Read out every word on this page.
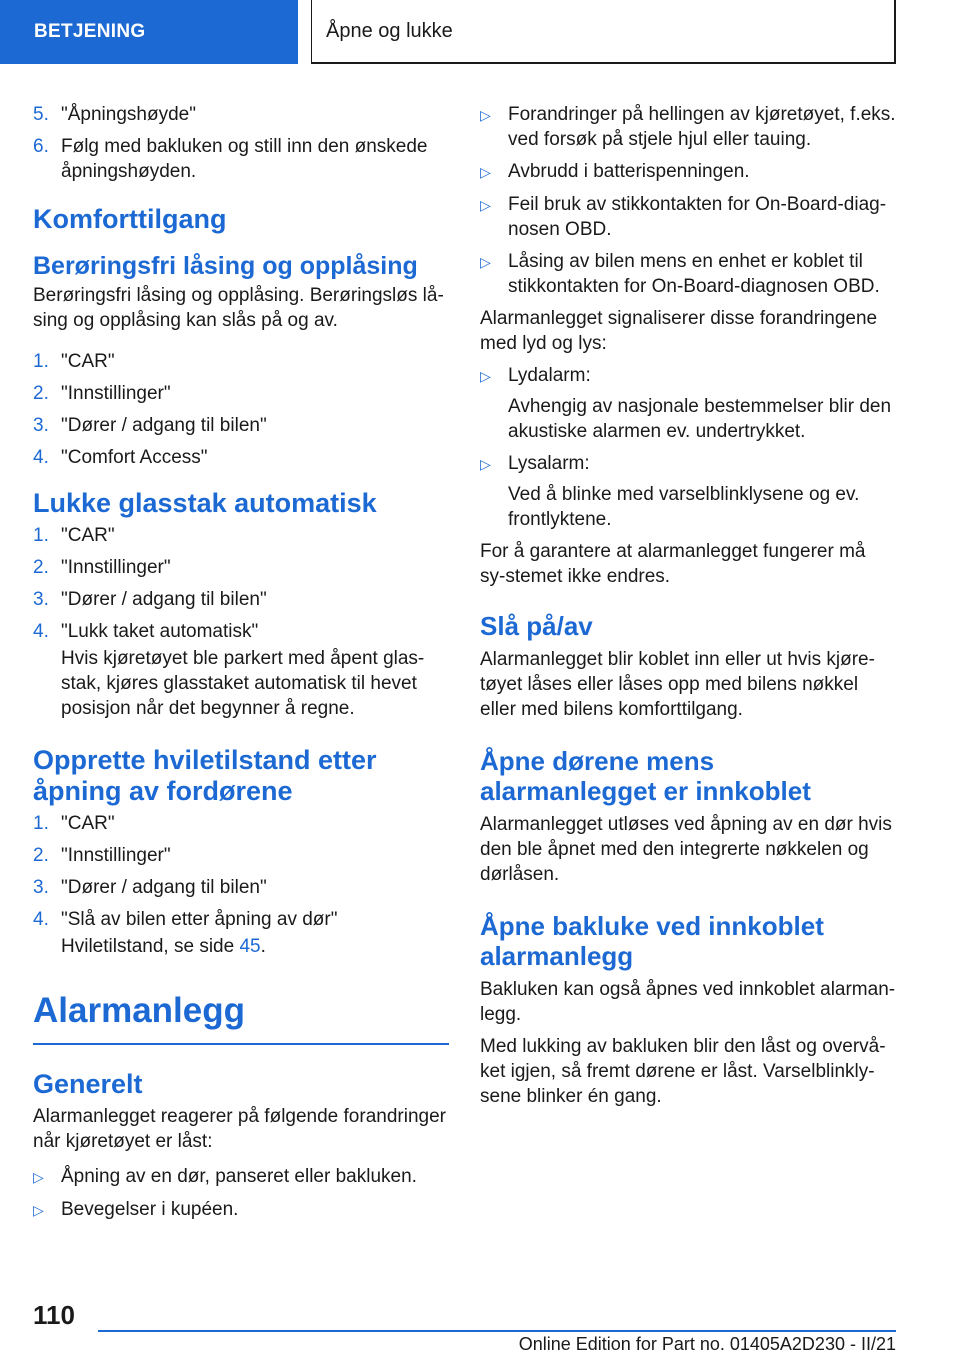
BETJENING	Åpne og lukke
5. "Åpningshøyde"
6. Følg med bakluken og still inn den ønskede åpningshøyden.
Komforttilgang
Berøringsfri låsing og opplåsing

Berøringsfri låsing og opplåsing. Berøringsløs lå-sing og opplåsing kan slås på og av.

1. "CAR"
2. "Innstillinger"
3. "Dører / adgang til bilen"
4. "Comfort Access"
Lukke glasstak automatisk
1. "CAR"
2. "Innstillinger"
3. "Dører / adgang til bilen"
4. "Lukk taket automatisk"
Hvis kjøretøyet ble parkert med åpent glas-stak, kjøres glasstaket automatisk til hevet posisjon når det begynner å regne.
Opprette hviletilstand etter åpning av fordørene
1. "CAR"
2. "Innstillinger"
3. "Dører / adgang til bilen"
4. "Slå av bilen etter åpning av dør"
Hviletilstand, se side 45.
Alarmanlegg
Generelt

Alarmanlegget reagerer på følgende forandringer når kjøretøyet er låst:

▷ Åpning av en dør, panseret eller bakluken.
▷ Bevegelser i kupéen.
▷ Forandringer på hellingen av kjøretøyet, f.eks. ved forsøk på stjele hjul eller tauing.
▷ Avbrudd i batterispenningen.
▷ Feil bruk av stikkontakten for On-Board-diag-nosen OBD.
▷ Låsing av bilen mens en enhet er koblet til stikkontakten for On-Board-diagnosen OBD.

Alarmanlegget signaliserer disse forandringene med lyd og lys:

▷ Lydalarm:
Avhengig av nasjonale bestemmelser blir den akustiske alarmen ev. undertrykket.
▷ Lysalarm:
Ved å blinke med varselblinklysene og ev. frontlyktene.

For å garantere at alarmanlegget fungerer må sy-stemet ikke endres.

Slå på/av

Alarmanlegget blir koblet inn eller ut hvis kjøre-tøyet låses eller låses opp med bilens nøkkel eller med bilens komforttilgang.

Åpne dørene mens alarmanlegget er innkoblet

Alarmanlegget utløses ved åpning av en dør hvis den ble åpnet med den integrerte nøkkelen og dørlåsen.

Åpne bakluke ved innkoblet alarmanlegg

Bakluken kan også åpnes ved innkoblet alarman-legg.

Med lukking av bakluken blir den låst og overvå-ket igjen, så fremt dørene er låst. Varselblinkly-sene blinker én gang.

110
Online Edition for Part no. 01405A2D230 - II/21
